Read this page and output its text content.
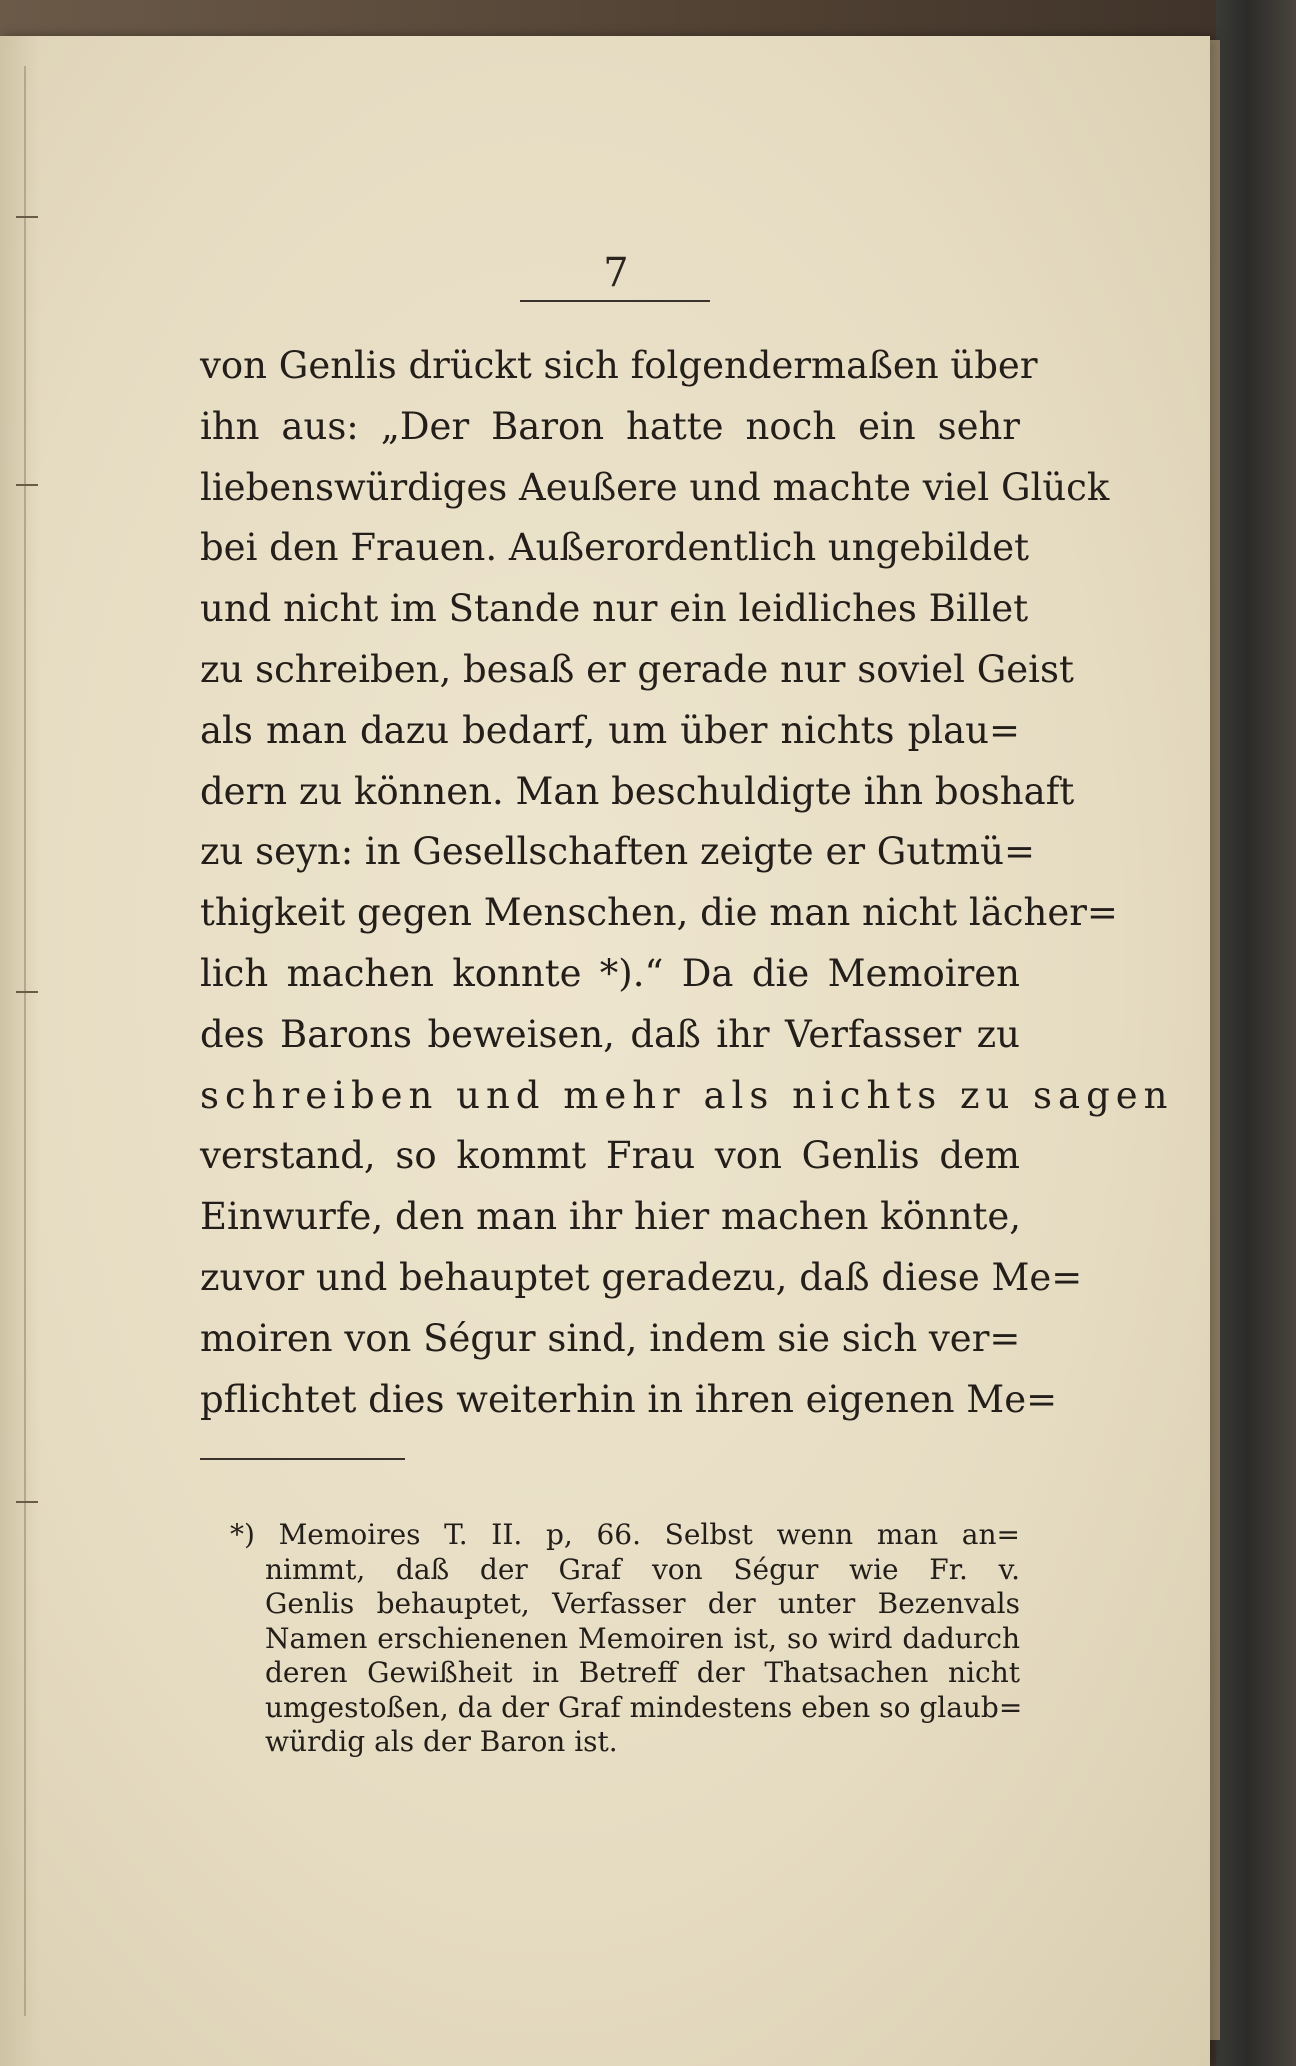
7
von Genlis drückt sich folgendermaßen über
ihn aus: „Der Baron hatte noch ein sehr
liebenswürdiges Aeußere und machte viel Glück
bei den Frauen. Außerordentlich ungebildet
und nicht im Stande nur ein leidliches Billet
zu schreiben, besaß er gerade nur soviel Geist
als man dazu bedarf, um über nichts plau=
dern zu können. Man beschuldigte ihn boshaft
zu seyn: in Gesellschaften zeigte er Gutmü=
thigkeit gegen Menschen, die man nicht lächer=
lich machen konnte *).“ Da die Memoiren
des Barons beweisen, daß ihr Verfasser zu
schreiben und mehr als nichts zu sagen
verstand, so kommt Frau von Genlis dem
Einwurfe, den man ihr hier machen könnte,
zuvor und behauptet geradezu, daß diese Me=
moiren von Ségur sind, indem sie sich ver=
pflichtet dies weiterhin in ihren eigenen Me=
*) Memoires T. II. p, 66. Selbst wenn man an=
nimmt, daß der Graf von Ségur wie Fr. v.
Genlis behauptet, Verfasser der unter Bezenvals
Namen erschienenen Memoiren ist, so wird dadurch
deren Gewißheit in Betreff der Thatsachen nicht
umgestoßen, da der Graf mindestens eben so glaub=
würdig als der Baron ist.
